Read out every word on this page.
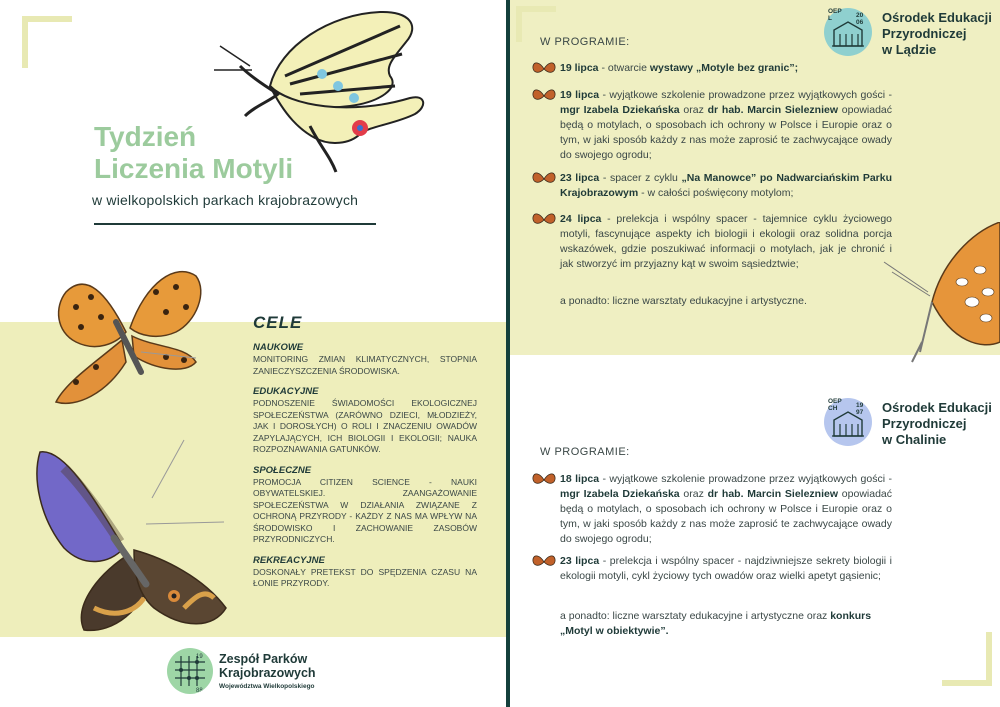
Tydzień
Liczenia Motyli
w wielkopolskich parkach krajobrazowych
CELE
NAUKOWE
MONITORING ZMIAN KLIMATYCZNYCH, STOPNIA ZANIECZYSZCZENIA ŚRODOWISKA.
EDUKACYJNE
PODNOSZENIE ŚWIADOMOŚCI EKOLOGICZNEJ SPOŁECZEŃSTWA (ZARÓWNO DZIECI, MŁODZIEŻY, JAK I DOROSŁYCH) O ROLI I ZNACZENIU OWADÓW ZAPYLAJĄCYCH, ICH BIOLOGII I EKOLOGII; NAUKA ROZPOZNAWANIA GATUNKÓW.
SPOŁECZNE
PROMOCJA CITIZEN SCIENCE - NAUKI OBYWATELSKIEJ. ZAANGAŻOWANIE SPOŁECZEŃSTWA W DZIAŁANIA ZWIĄZANE Z OCHRONĄ PRZYRODY - KAŻDY Z NAS MA WPŁYW NA ŚRODOWISKO I ZACHOWANIE ZASOBÓW PRZYRODNICZYCH.
REKREACYJNE
DOSKONAŁY PRETEKST DO SPĘDZENIA CZASU NA ŁONIE PRZYRODY.
19
88
Zespół Parków
Krajobrazowych
Województwa Wielkopolskiego
OEP
L	20
06 Ośrodek Edukacji
Przyrodniczej
w Lądzie
W PROGRAMIE:
19 lipca - otwarcie wystawy „Motyle bez granic”;
19 lipca - wyjątkowe szkolenie prowadzone przez wyjątkowych gości - mgr Izabela Dziekańska oraz dr hab. Marcin Sielezniew opowiadać będą o motylach, o sposobach ich ochrony w Polsce i Europie oraz o tym, w jaki sposób każdy z nas może zaprosić te zachwycające owady do swojego ogrodu;
23 lipca - spacer z cyklu „Na Manowce” po Nadwarciańskim Parku Krajobrazowym - w całości poświęcony motylom;
24 lipca - prelekcja i wspólny spacer - tajemnice cyklu życiowego motyli, fascynujące aspekty ich biologii i ekologii oraz solidna porcja wskazówek, gdzie poszukiwać informacji o motylach, jak je chronić i jak stworzyć im przyjazny kąt w swoim sąsiedztwie;
a ponadto: liczne warsztaty edukacyjne i artystyczne.
OEP
CH	19
97 Ośrodek Edukacji
Przyrodniczej
w Chalinie
W PROGRAMIE:
18 lipca - wyjątkowe szkolenie prowadzone przez wyjątkowych gości - mgr Izabela Dziekańska oraz dr hab. Marcin Sielezniew opowiadać będą o motylach, o sposobach ich ochrony w Polsce i Europie oraz o tym, w jaki sposób każdy z nas może zaprosić te zachwycające owady do swojego ogrodu;
23 lipca - prelekcja i wspólny spacer - najdziwniejsze sekrety biologii i ekologii motyli, cykl życiowy tych owadów oraz wielki apetyt gąsienic;
a ponadto: liczne warsztaty edukacyjne i artystyczne oraz konkurs „Motyl w obiektywie”.
